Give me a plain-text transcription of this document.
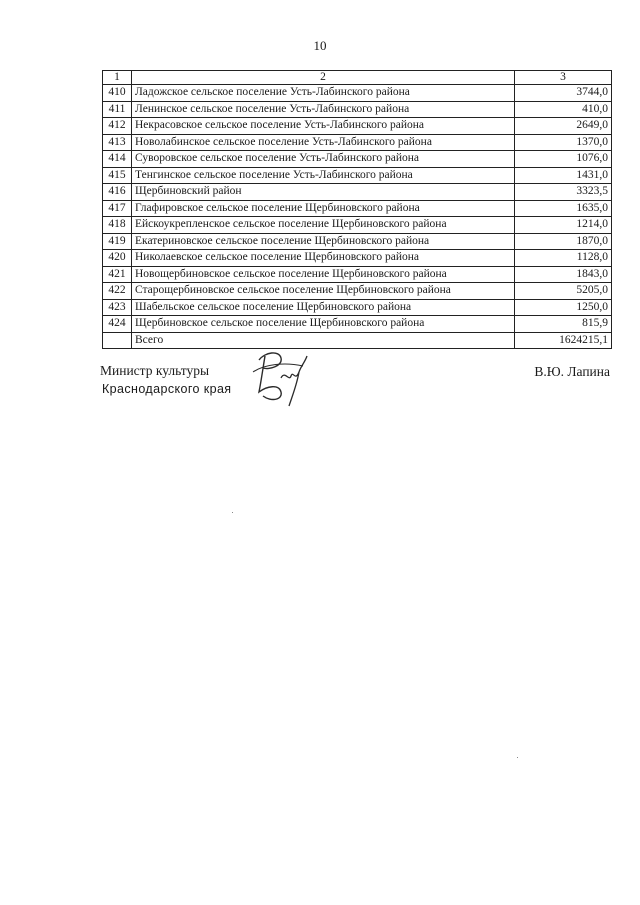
10
1	2	3
410	Ладожское сельское поселение Усть-Лабинского района	3744,0
411	Ленинское сельское поселение Усть-Лабинского района	410,0
412	Некрасовское сельское поселение Усть-Лабинского района	2649,0
413	Новолабинское сельское поселение Усть-Лабинского района	1370,0
414	Суворовское сельское поселение Усть-Лабинского района	1076,0
415	Тенгинское сельское поселение Усть-Лабинского района	1431,0
416	Щербиновский район	3323,5
417	Глафировское сельское поселение Щербиновского района	1635,0
418	Ейскоукрепленское сельское поселение Щербиновского района	1214,0
419	Екатериновское сельское поселение Щербиновского района	1870,0
420	Николаевское сельское поселение Щербиновского района	1128,0
421	Новощербиновское сельское поселение Щербиновского района	1843,0
422	Старощербиновское сельское поселение Щербиновского района	5205,0
423	Шабельское сельское поселение Щербиновского района	1250,0
424	Щербиновское сельское поселение Щербиновского района	815,9
	Всего	1624215,1
Министр культуры
Краснодарского края
В.Ю. Лапина
